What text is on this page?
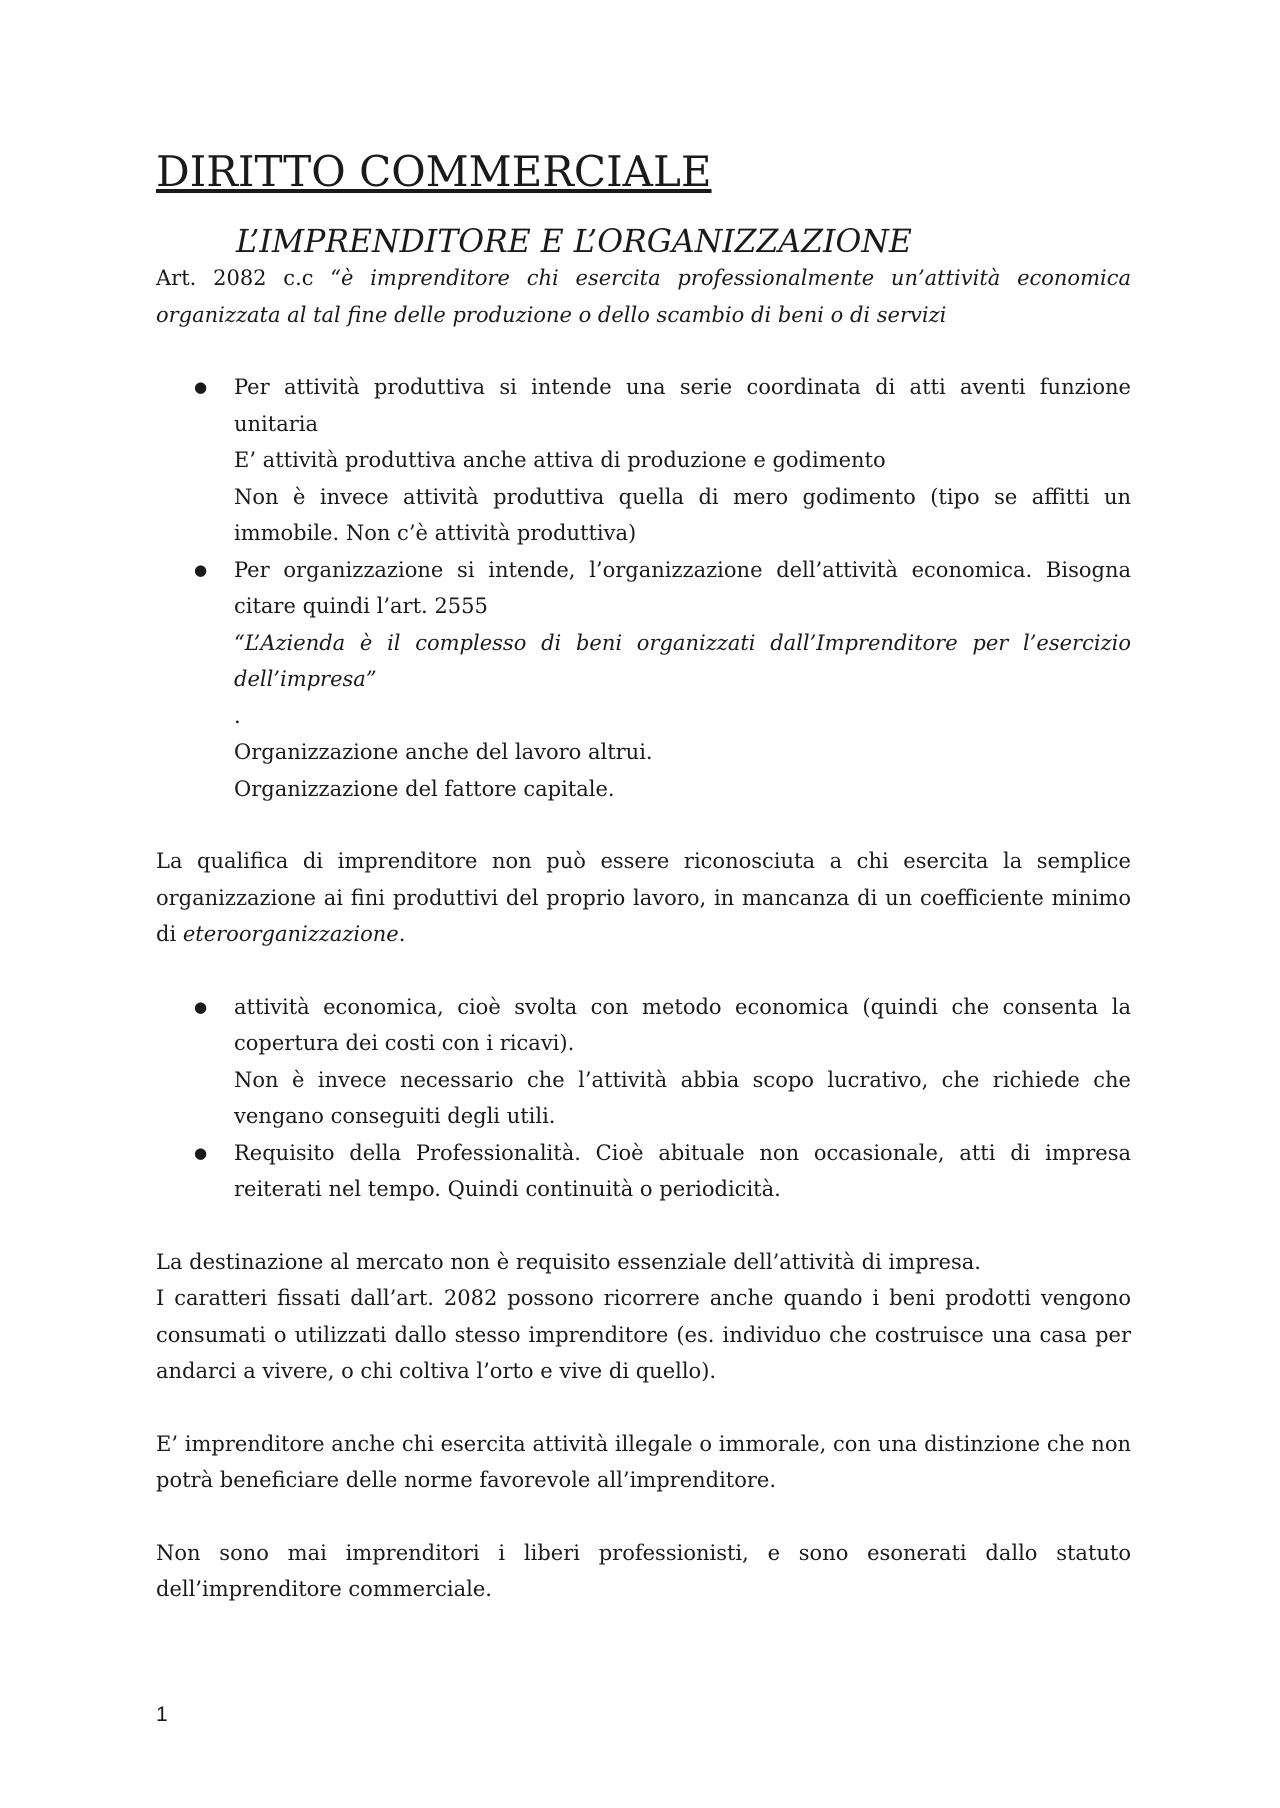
DIRITTO COMMERCIALE
L’IMPRENDITORE E L’ORGANIZZAZIONE

Art. 2082 c.c “è imprenditore chi esercita professionalmente un’attività economica organizzata al tal fine delle produzione o dello scambio di beni o di servizi

● Per attività produttiva si intende una serie coordinata di atti aventi funzione unitaria
E’ attività produttiva anche attiva di produzione e godimento
Non è invece attività produttiva quella di mero godimento (tipo se affitti un immobile. Non c’è attività produttiva)
● Per organizzazione si intende, l’organizzazione dell’attività economica. Bisogna citare quindi l’art. 2555
“L’Azienda è il complesso di beni organizzati dall’Imprenditore per l’esercizio dell’impresa”
.
Organizzazione anche del lavoro altrui.
Organizzazione del fattore capitale.

La qualifica di imprenditore non può essere riconosciuta a chi esercita la semplice organizzazione ai fini produttivi del proprio lavoro, in mancanza di un coefficiente minimo di eteroorganizzazione.

● attività economica, cioè svolta con metodo economica (quindi che consenta la copertura dei costi con i ricavi).
Non è invece necessario che l’attività abbia scopo lucrativo, che richiede che vengano conseguiti degli utili.
● Requisito della Professionalità. Cioè abituale non occasionale, atti di impresa reiterati nel tempo. Quindi continuità o periodicità.
La destinazione al mercato non è requisito essenziale dell’attività di impresa.
I caratteri fissati dall’art. 2082 possono ricorrere anche quando i beni prodotti vengono consumati o utilizzati dallo stesso imprenditore (es. individuo che costruisce una casa per andarci a vivere, o chi coltiva l’orto e vive di quello).

E’ imprenditore anche chi esercita attività illegale o immorale, con una distinzione che non potrà beneficiare delle norme favorevole all’imprenditore.

Non sono mai imprenditori i liberi professionisti, e sono esonerati dallo statuto dell’imprenditore commerciale.

1
